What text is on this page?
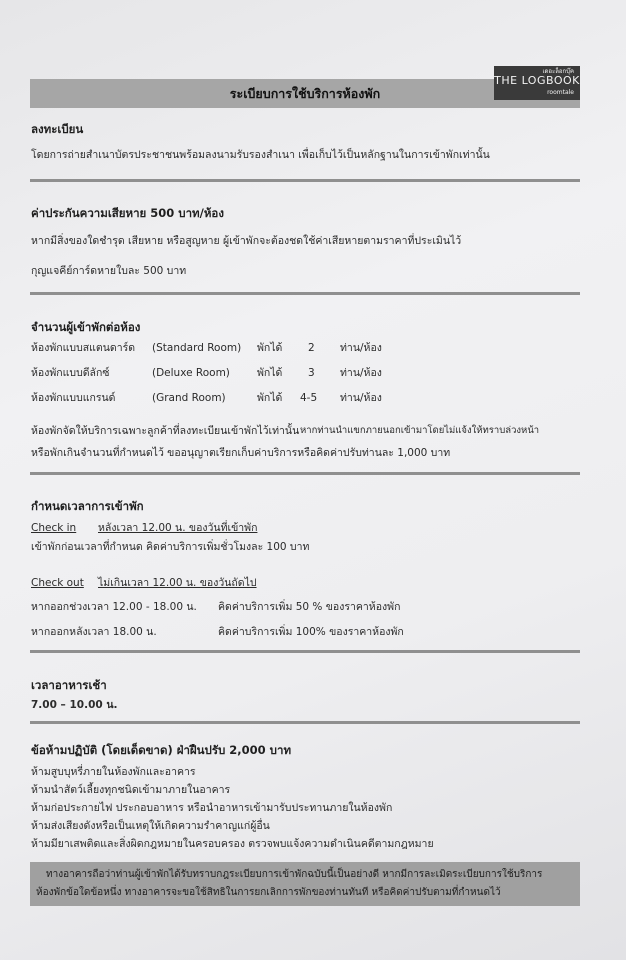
ระเบียบการใช้บริการห้องพัก
เดอะล็อกบุ๊ค
THE LOGBOOK
roomtale
ลงทะเบียน
โดยการถ่ายสำเนาบัตรประชาชนพร้อมลงนามรับรองสำเนา เพื่อเก็บไว้เป็นหลักฐานในการเข้าพักเท่านั้น
ค่าประกันความเสียหาย 500 บาท/ห้อง
หากมีสิ่งของใดชำรุด เสียหาย หรือสูญหาย ผู้เข้าพักจะต้องชดใช้ค่าเสียหายตามราคาที่ประเมินไว้
กุญแจคีย์การ์ดหายใบละ 500 บาท
จำนวนผู้เข้าพักต่อห้อง
ห้องพักแบบสแตนดาร์ด (Standard Room) พักได้ 2 ท่าน/ห้อง
ห้องพักแบบดีลักซ์	(Deluxe Room)	พักได้ 3 ท่าน/ห้อง
ห้องพักแบบแกรนด์	(Grand Room)	พักได้ 4-5 ท่าน/ห้อง
ห้องพักจัดให้บริการเฉพาะลูกค้าที่ลงทะเบียนเข้าพักไว้เท่านั้น หากท่านนำแขกภายนอกเข้ามาโดยไม่แจ้งให้ทราบล่วงหน้า
หรือพักเกินจำนวนที่กำหนดไว้ ขออนุญาตเรียกเก็บค่าบริการหรือคิดค่าปรับท่านละ 1,000 บาท
กำหนดเวลาการเข้าพัก
Check in หลังเวลา 12.00 น. ของวันที่เข้าพัก
เข้าพักก่อนเวลาที่กำหนด คิดค่าบริการเพิ่มชั่วโมงละ 100 บาท
Check out ไม่เกินเวลา 12.00 น. ของวันถัดไป
หากออกช่วงเวลา 12.00 - 18.00 น. คิดค่าบริการเพิ่ม 50 % ของราคาห้องพัก
หากออกหลังเวลา 18.00 น.	คิดค่าบริการเพิ่ม 100% ของราคาห้องพัก
เวลาอาหารเช้า
7.00 – 10.00 น.
ข้อห้ามปฏิบัติ (โดยเด็ดขาด) ฝ่าฝืนปรับ 2,000 บาท
ห้ามสูบบุหรี่ภายในห้องพักและอาคาร
ห้ามนำสัตว์เลี้ยงทุกชนิดเข้ามาภายในอาคาร
ห้ามก่อประกายไฟ ประกอบอาหาร หรือนำอาหารเข้ามารับประทานภายในห้องพัก
ห้ามส่งเสียงดังหรือเป็นเหตุให้เกิดความรำคาญแก่ผู้อื่น
ห้ามมียาเสพติดและสิ่งผิดกฎหมายในครอบครอง ตรวจพบแจ้งความดำเนินคดีตามกฎหมาย
ทางอาคารถือว่าท่านผู้เข้าพักได้รับทราบกฎระเบียบการเข้าพักฉบับนี้เป็นอย่างดี หากมีการละเมิดระเบียบการใช้บริการ
ห้องพักข้อใดข้อหนึ่ง ทางอาคารจะขอใช้สิทธิในการยกเลิกการพักของท่านทันที หรือคิดค่าปรับตามที่กำหนดไว้
